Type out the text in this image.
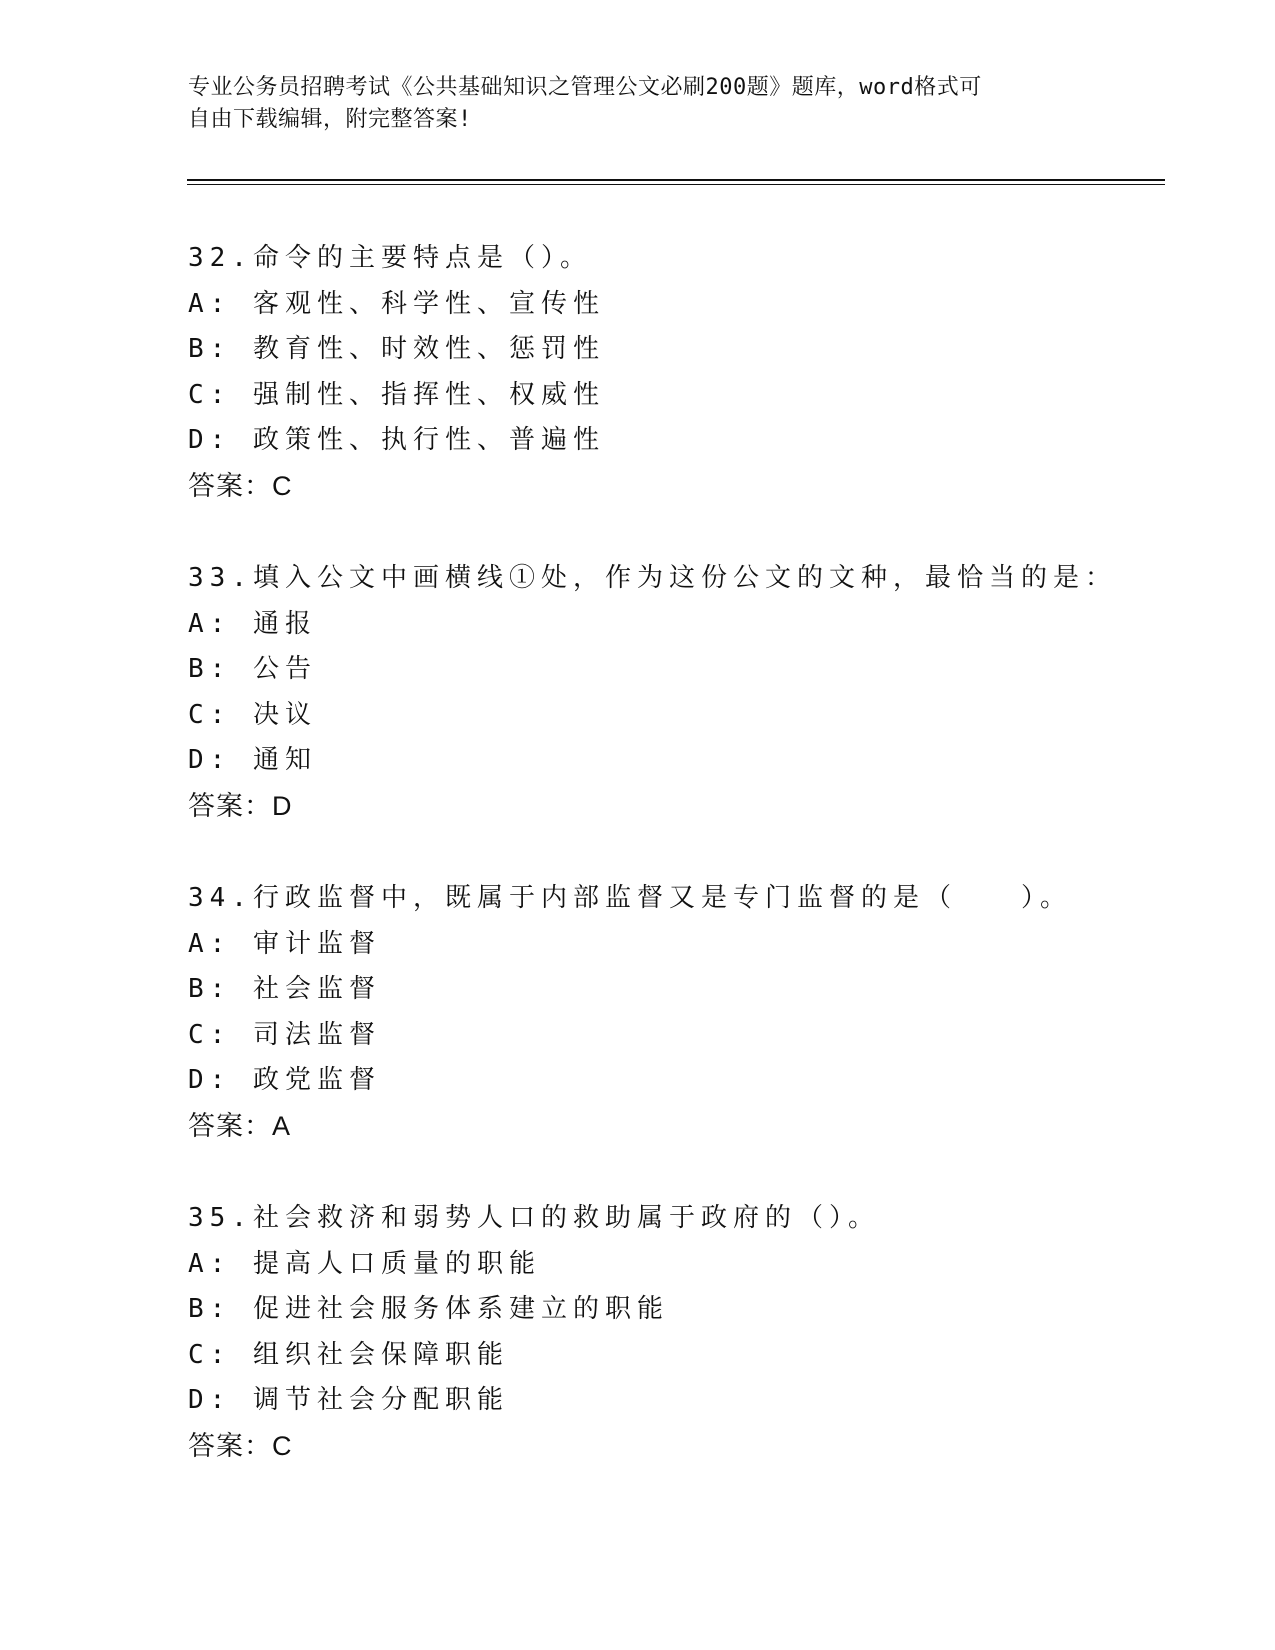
专业公务员招聘考试《公共基础知识之管理公文必刷200题》题库，word格式可
自由下载编辑，附完整答案!
32.命令的主要特点是（）。
A: 客观性、科学性、宣传性
B: 教育性、时效性、惩罚性
C: 强制性、指挥性、权威性
D: 政策性、执行性、普遍性
答案：C
33.填入公文中画横线①处，作为这份公文的文种，最恰当的是：
A: 通报
B: 公告
C: 决议
D: 通知
答案：D
34.行政监督中，既属于内部监督又是专门监督的是（　　）。
A: 审计监督
B: 社会监督
C: 司法监督
D: 政党监督
答案：A
35.社会救济和弱势人口的救助属于政府的（）。
A: 提高人口质量的职能
B: 促进社会服务体系建立的职能
C: 组织社会保障职能
D: 调节社会分配职能
答案：C
